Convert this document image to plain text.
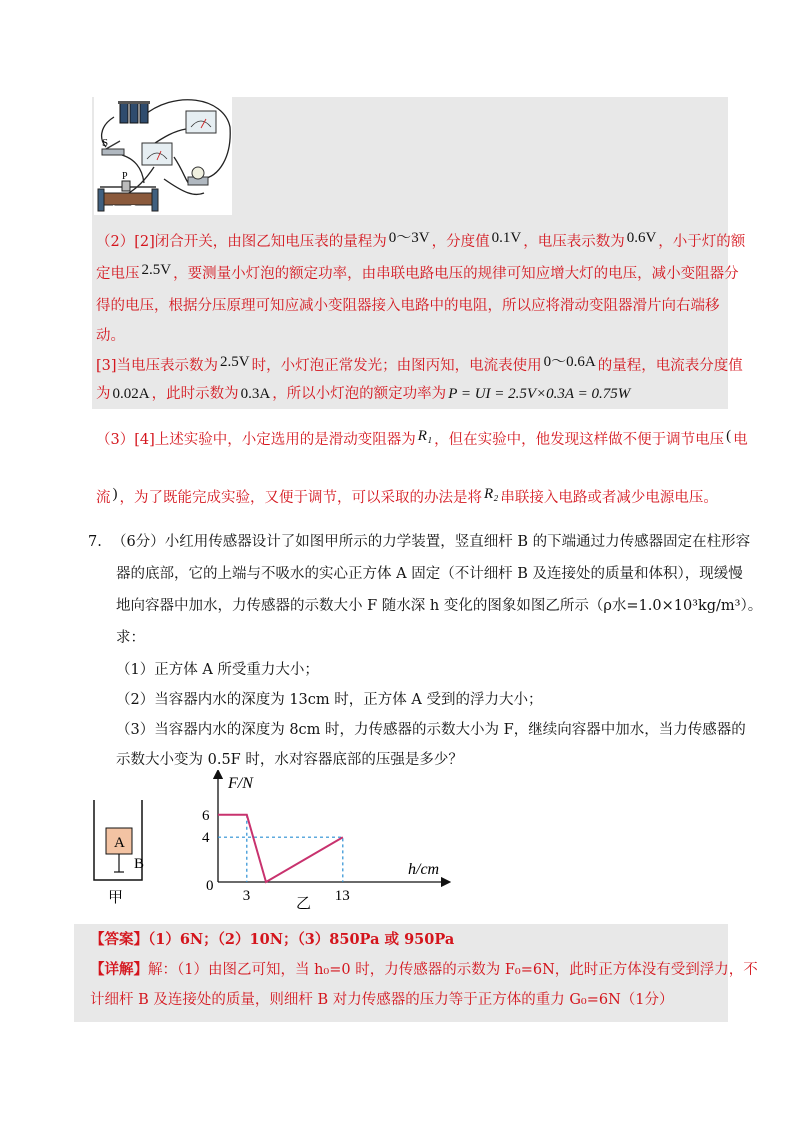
S
P
A B
（2）[2]闭合开关，由图乙知电压表的量程为 0～3V ，分度值 0.1V ，电压表示数为 0.6V ，小于灯的额
定电压 2.5V ，要测量小灯泡的额定功率，由串联电路电压的规律可知应增大灯的电压，减小变阻器分
得的电压，根据分压原理可知应减小变阻器接入电路中的电阻，所以应将滑动变阻器滑片向右端移
动。
[3]当电压表示数为 2.5V 时，小灯泡正常发光；由图丙知，电流表使用 0～0.6A 的量程，电流表分度值
为 0.02A ，此时示数为 0.3A ，所以小灯泡的额定功率为 P = UI = 2.5V×0.3A = 0.75W
（3）[4]上述实验中，小定选用的是滑动变阻器为 R₁ ，但在实验中，他发现这样做不便于调节电压 ( 电
流 ) ，为了既能完成实验，又便于调节，可以采取的办法是将 R₂ 串联接入电路或者减少电源电压。
7. （6分）小红用传感器设计了如图甲所示的力学装置，竖直细杆 B 的下端通过力传感器固定在柱形容
器的底部，它的上端与不吸水的实心正方体 A 固定（不计细杆 B 及连接处的质量和体积），现缓慢
地向容器中加水，力传感器的示数大小 F 随水深 h 变化的图象如图乙所示（ρ水=1.0×10³kg/m³）。
求：
（1）正方体 A 所受重力大小；
（2）当容器内水的深度为 13cm 时，正方体 A 受到的浮力大小；
（3）当容器内水的深度为 8cm 时，力传感器的示数大小为 F，继续向容器中加水，当力传感器的
示数大小变为 0.5F 时，水对容器底部的压强是多少？
A
B
甲
F/N
h/cm
0
6
4
3	13
乙
【答案】（1）6N；（2）10N；（3）850Pa 或 950Pa
【详解】解：（1）由图乙可知，当 h₀=0 时，力传感器的示数为 F₀=6N，此时正方体没有受到浮力，不
计细杆 B 及连接处的质量，则细杆 B 对力传感器的压力等于正方体的重力 G₀=6N（1分）
